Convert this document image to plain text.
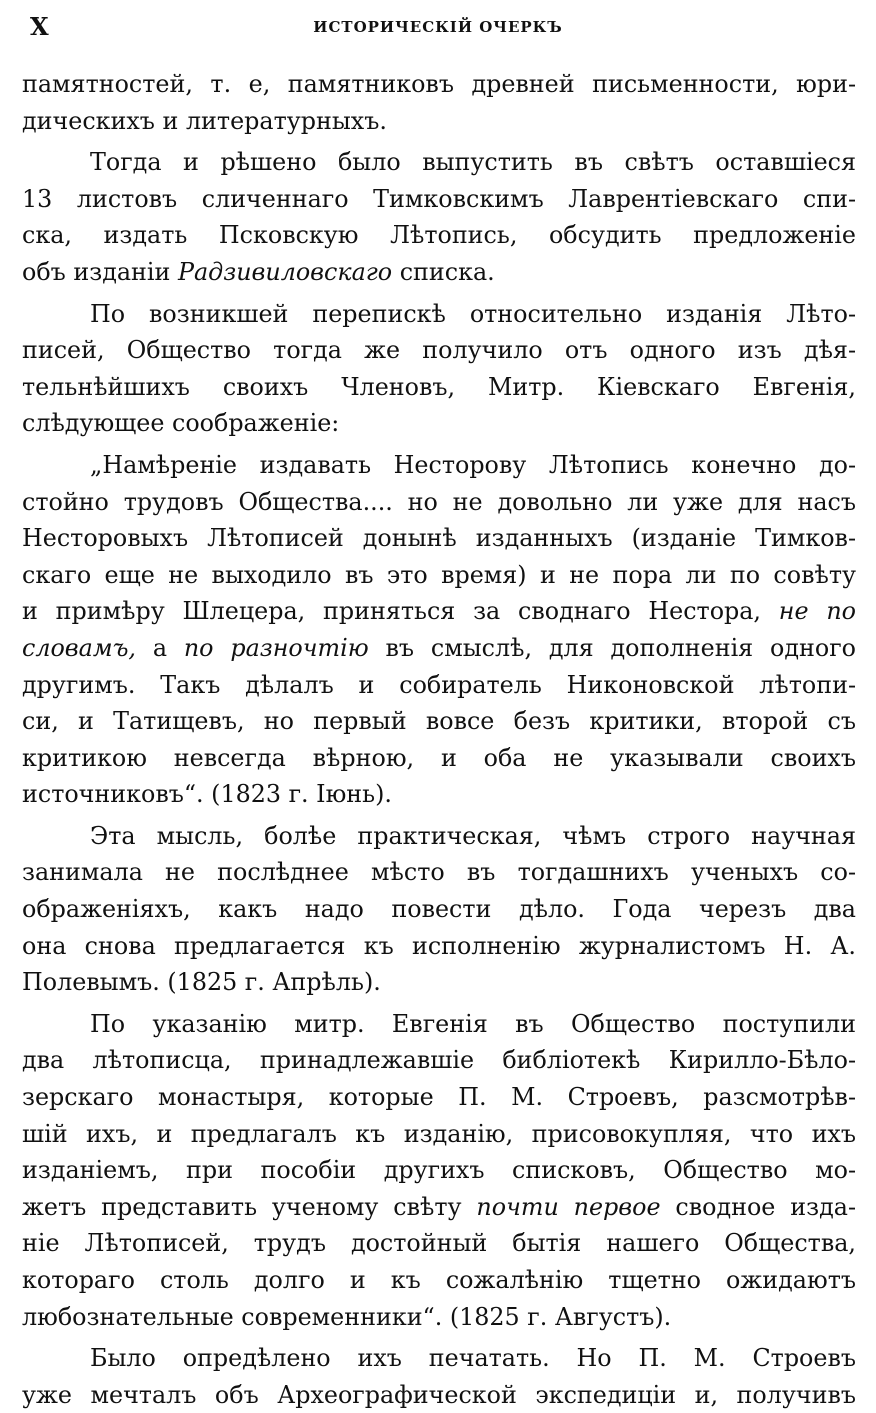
X	ИСТОРИЧЕСКІЙ ОЧЕРКЪ
памятностей, т. е, памятниковъ древней письменности, юри-
дическихъ и литературныхъ.
Тогда и рѣшено было выпустить въ свѣтъ оставшіеся
13 листовъ сличеннаго Тимковскимъ Лаврентіевскаго спи-
ска, издать Псковскую Лѣтопись, обсудить предложеніе
объ изданіи Радзивиловскаго списка.
По возникшей перепискѣ относительно изданія Лѣто-
писей, Общество тогда же получило отъ одного изъ дѣя-
тельнѣйшихъ своихъ Членовъ, Митр. Кіевскаго Евгенія,
слѣдующее соображеніе:
„Намѣреніе издавать Несторову Лѣтопись конечно до-
стойно трудовъ Общества.... но не довольно ли уже для насъ
Несторовыхъ Лѣтописей донынѣ изданныхъ (изданіе Тимков-
скаго еще не выходило въ это время) и не пора ли по совѣту
и примѣру Шлецера, приняться за своднаго Нестора, не по
словамъ, а по разночтію въ смыслѣ, для дополненія одного
другимъ. Такъ дѣлалъ и собиратель Никоновской лѣтопи-
си, и Татищевъ, но первый вовсе безъ критики, второй съ
критикою невсегда вѣрною, и оба не указывали своихъ
источниковъ“. (1823 г. Іюнь).
Эта мысль, болѣе практическая, чѣмъ строго научная
занимала не послѣднее мѣсто въ тогдашнихъ ученыхъ со-
ображеніяхъ, какъ надо повести дѣло. Года черезъ два
она снова предлагается къ исполненію журналистомъ Н. А.
Полевымъ. (1825 г. Апрѣль).
По указанію митр. Евгенія въ Общество поступили
два лѣтописца, принадлежавшіе библіотекѣ Кирилло-Бѣло-
зерскаго монастыря, которые П. М. Строевъ, разсмотрѣв-
шій ихъ, и предлагалъ къ изданію, присовокупляя, что ихъ
изданіемъ, при пособіи другихъ списковъ, Общество мо-
жетъ представить ученому свѣту почти первое сводное изда-
ніе Лѣтописей, трудъ достойный бытія нашего Общества,
котораго столь долго и къ сожалѣнію тщетно ожидаютъ
любознательные современники“. (1825 г. Августъ).
Было опредѣлено ихъ печатать. Но П. М. Строевъ
уже мечталъ объ Археографической экспедиціи и, получивъ
